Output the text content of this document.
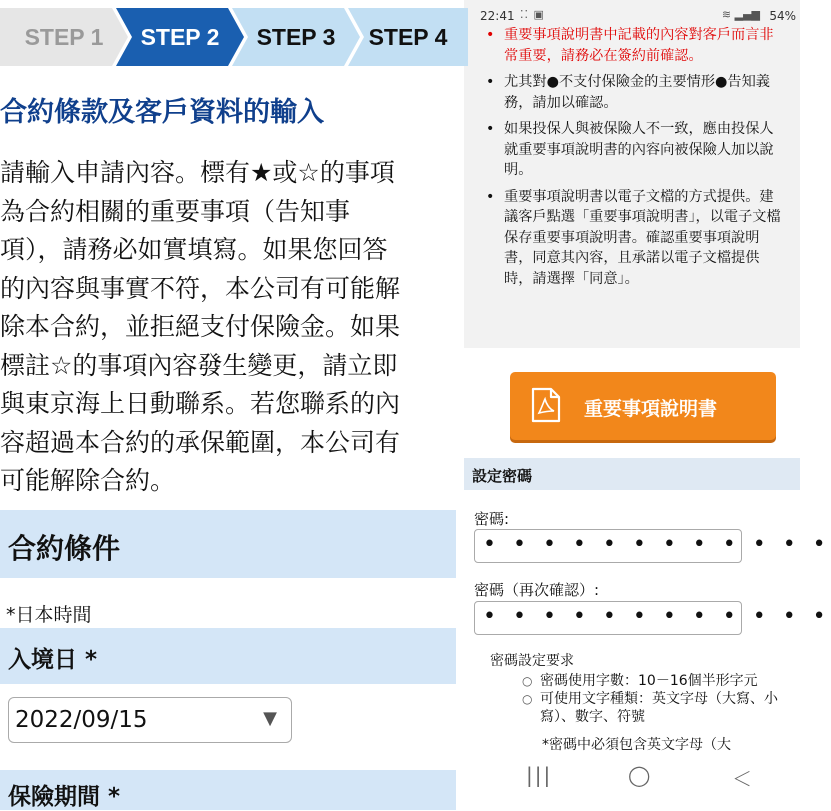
STEP 1 STEP 2 STEP 3 STEP 4
合約條款及客戶資料的輸入
請輸入申請內容。標有★或☆的事項
為合約相關的重要事項（告知事
項），請務必如實填寫。如果您回答
的內容與事實不符，本公司有可能解
除本合約，並拒絕支付保險金。如果
標註☆的事項內容發生變更，請立即
與東京海上日動聯系。若您聯系的內
容超過本合約的承保範圍，本公司有
可能解除合約。
合約條件
*日本時間
入境日 *
2022/09/15	▼
保險期間 *
22:41 ⁚⁚ ▣	≋ ▂▄▆ 54%
• 重要事項說明書中記載的內容對客戶而言非常重要，請務必在簽約前確認。
• 尤其對●不支付保險金的主要情形●告知義務，請加以確認。
• 如果投保人與被保險人不一致，應由投保人就重要事項說明書的內容向被保險人加以說明。
• 重要事項說明書以電子文檔的方式提供。建議客戶點選「重要事項說明書」，以電子文檔保存重要事項說明書。確認重要事項說明書，同意其內容，且承諾以電子文檔提供時，請選擇「同意」。
重要事項說明書
設定密碼
密碼:
• • • • • • • • • • • •
密碼（再次確認）:
• • • • • • • • • • • •
密碼設定要求
○ 密碼使用字數：10－16個半形字元
○ 可使用文字種類：英文字母（大寫、小寫）、數字、符號
*密碼中必須包含英文字母（大
|||	◯	＜
